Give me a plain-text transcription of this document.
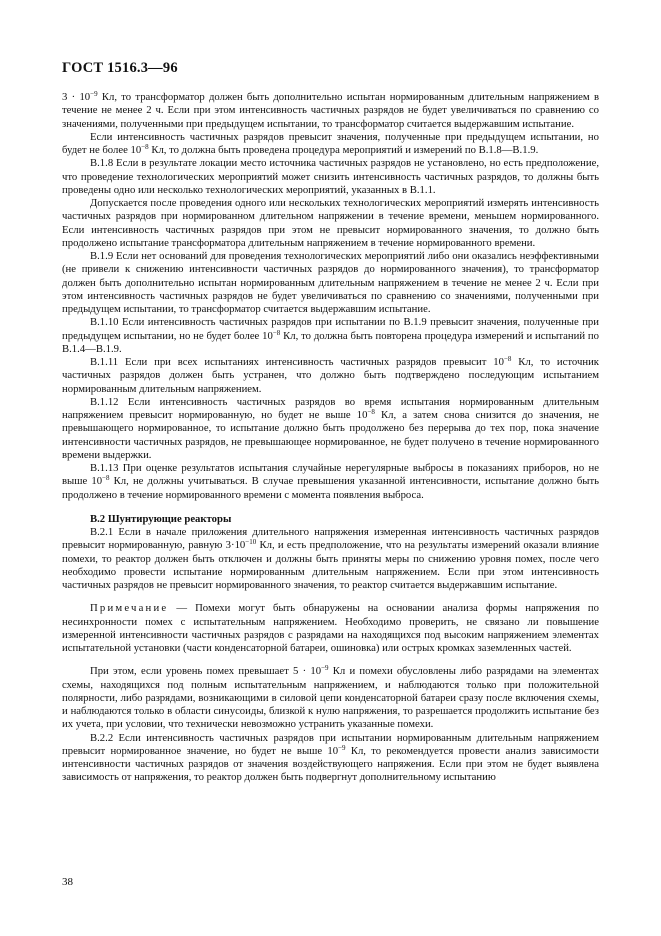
ГОСТ 1516.3—96

$3 \cdot 10^{-9}$ Кл, то трансформатор должен быть дополнительно испытан нормированным длительным напряжением в течение не менее 2 ч. Если при этом интенсивность частичных разрядов не будет увеличиваться по сравнению со значениями, полученными при предыдущем испытании, то трансформатор считается выдержавшим испытание.

Если интенсивность частичных разрядов превысит значения, полученные при предыдущем испытании, но будет не более $10^{-8}$ Кл, то должна быть проведена процедура мероприятий и измерений по В.1.8—В.1.9.

В.1.8 Если в результате локации место источника частичных разрядов не установлено, но есть предположение, что проведение технологических мероприятий может снизить интенсивность частичных разрядов, то должны быть проведены одно или несколько технологических мероприятий, указанных в В.1.1.

Допускается после проведения одного или нескольких технологических мероприятий измерять интенсивность частичных разрядов при нормированном длительном напряжении в течение времени, меньшем нормированного. Если интенсивность частичных разрядов при этом не превысит нормированного значения, то должно быть продолжено испытание трансформатора длительным напряжением в течение нормированного времени.

В.1.9 Если нет оснований для проведения технологических мероприятий либо они оказались неэффективными (не привели к снижению интенсивности частичных разрядов до нормированного значения), то трансформатор должен быть дополнительно испытан нормированным длительным напряжением в течение не менее 2 ч. Если при этом интенсивность частичных разрядов не будет увеличиваться по сравнению со значениями, полученными при предыдущем испытании, то трансформатор считается выдержавшим испытание.

В.1.10 Если интенсивность частичных разрядов при испытании по В.1.9 превысит значения, полученные при предыдущем испытании, но не будет более $10^{-8}$ Кл, то должна быть повторена процедура измерений и испытаний по В.1.4—В.1.9.

В.1.11 Если при всех испытаниях интенсивность частичных разрядов превысит $10^{-8}$ Кл, то источник частичных разрядов должен быть устранен, что должно быть подтверждено последующим испытанием нормированным длительным напряжением.

В.1.12 Если интенсивность частичных разрядов во время испытания нормированным длительным напряжением превысит нормированную, но будет не выше $10^{-8}$ Кл, а затем снова снизится до значения, не превышающего нормированное, то испытание должно быть продолжено без перерыва до тех пор, пока значение интенсивности частичных разрядов, не превышающее нормированное, не будет получено в течение нормированного времени выдержки.

В.1.13 При оценке результатов испытания случайные нерегулярные выбросы в показаниях приборов, но не выше $10^{-8}$ Кл, не должны учитываться. В случае превышения указанной интенсивности, испытание должно быть продолжено в течение нормированного времени с момента появления выброса.

В.2 Шунтирующие реакторы

В.2.1 Если в начале приложения длительного напряжения измеренная интенсивность частичных разрядов превысит нормированную, равную $3\cdot 10^{-10}$ Кл, и есть предположение, что на результаты измерений оказали влияние помехи, то реактор должен быть отключен и должны быть приняты меры по снижению уровня помех, после чего необходимо провести испытание нормированным длительным напряжением. Если при этом интенсивность частичных разрядов не превысит нормированного значения, то реактор считается выдержавшим испытание.

Примечание — Помехи могут быть обнаружены на основании анализа формы напряжения по несинхронности помех с испытательным напряжением. Необходимо проверить, не связано ли повышение измеренной интенсивности частичных разрядов с разрядами на находящихся под высоким напряжением элементах испытательной установки (части конденсаторной батареи, ошиновка) или острых кромках заземленных частей.

При этом, если уровень помех превышает $5 \cdot 10^{-9}$ Кл и помехи обусловлены либо разрядами на элементах схемы, находящихся под полным испытательным напряжением, и наблюдаются только при положительной полярности, либо разрядами, возникающими в силовой цепи конденсаторной батареи сразу после включения схемы, и наблюдаются только в области синусоиды, близкой к нулю напряжения, то разрешается продолжить испытание без их учета, при условии, что технически невозможно устранить указанные помехи.

В.2.2 Если интенсивность частичных разрядов при испытании нормированным длительным напряжением превысит нормированное значение, но будет не выше $10^{-9}$ Кл, то рекомендуется провести анализ зависимости интенсивности частичных разрядов от значения воздействующего напряжения. Если при этом не будет выявлена зависимость от напряжения, то реактор должен быть подвергнут дополнительному испытанию

38
